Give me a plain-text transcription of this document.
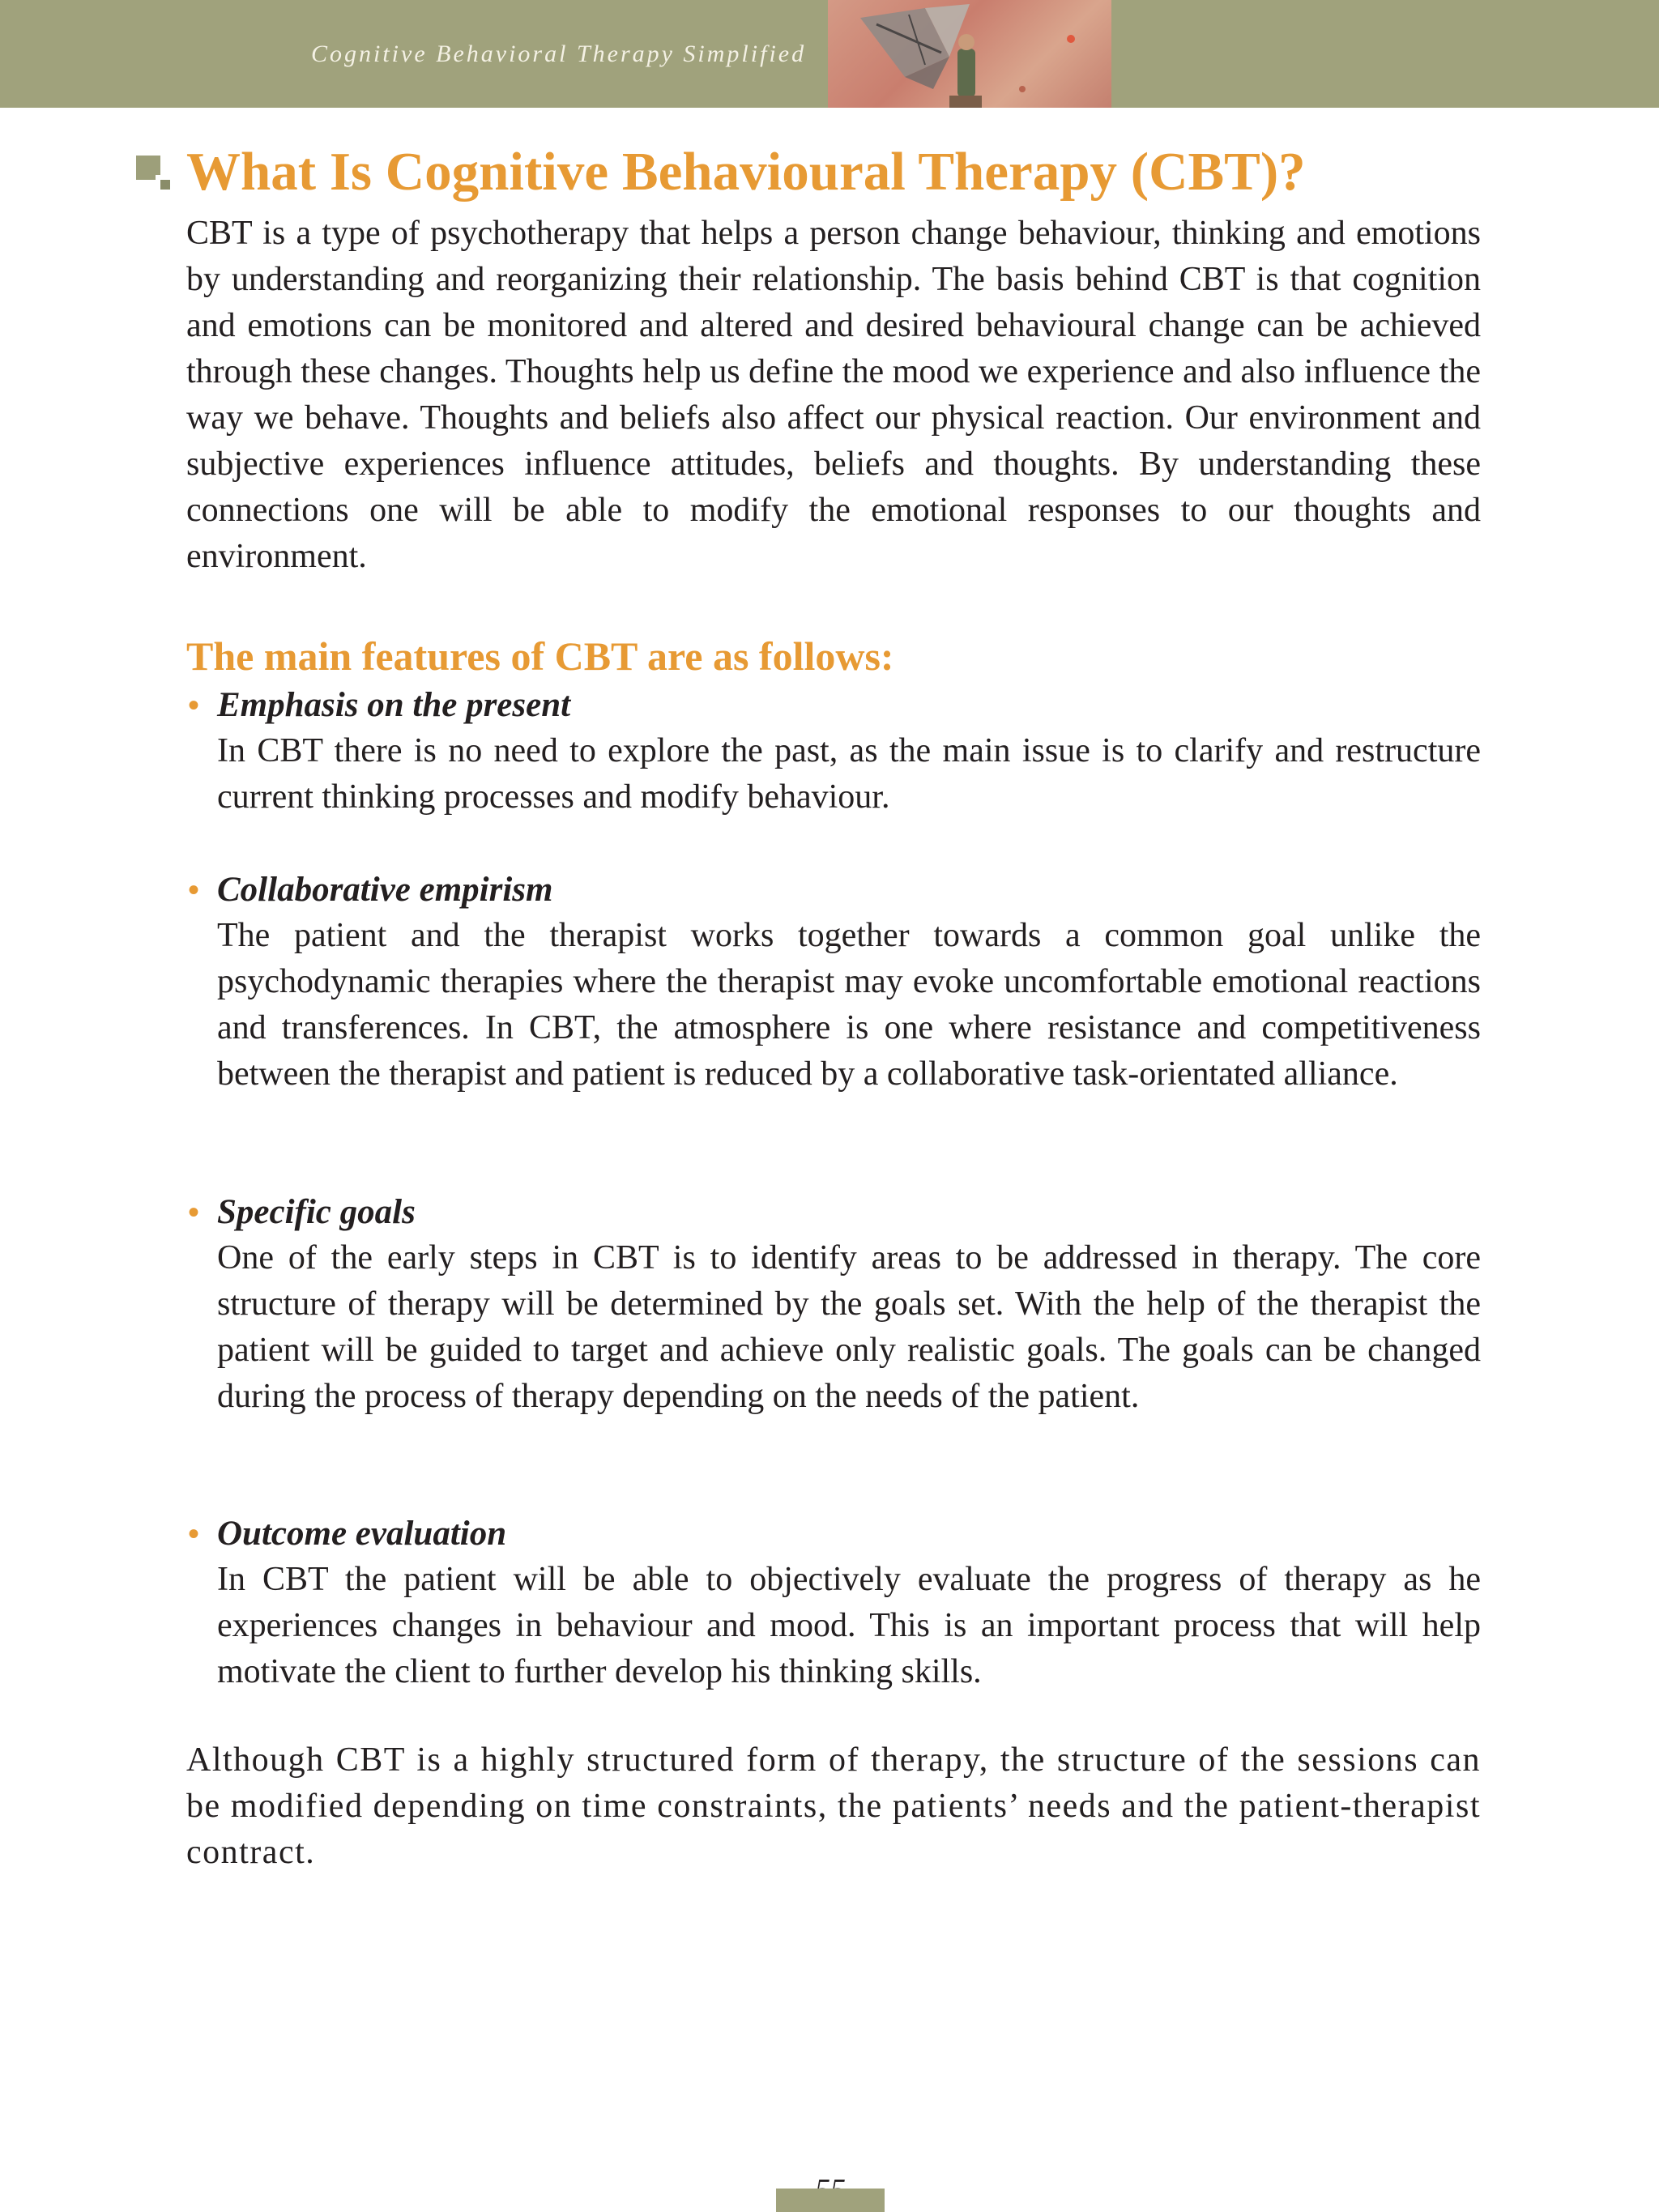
Cognitive Behavioral Therapy Simplified
What Is Cognitive Behavioural Therapy (CBT)?

CBT is a type of psychotherapy that helps a person change behaviour, thinking and emotions by understanding and reorganizing their relationship. The basis behind CBT is that cognition and emotions can be monitored and altered and desired behavioural change can be achieved through these changes. Thoughts help us define the mood we experience and also influence the way we behave. Thoughts and beliefs also affect our physical reaction. Our environment and subjective experiences influence attitudes, beliefs and thoughts. By understanding these connections one will be able to modify the emotional responses to our thoughts and environment.

The main features of CBT are as follows:
• Emphasis on the present

In CBT there is no need to explore the past, as the main issue is to clarify and restructure current thinking processes and modify behaviour.

• Collaborative empirism

The patient and the therapist works together towards a common goal unlike the psychodynamic therapies where the therapist may evoke uncomfortable emotional reactions and transferences. In CBT, the atmosphere is one where resistance and competitiveness between the therapist and patient is reduced by a collaborative task-orientated alliance.

• Specific goals

One of the early steps in CBT is to identify areas to be addressed in therapy. The core structure of therapy will be determined by the goals set. With the help of the therapist the patient will be guided to target and achieve only realistic goals. The goals can be changed during the process of therapy depending on the needs of the patient.

• Outcome evaluation

In CBT the patient will be able to objectively evaluate the progress of therapy as he experiences changes in behaviour and mood. This is an important process that will help motivate the client to further develop his thinking skills.

Although CBT is a highly structured form of therapy, the structure of the sessions can be modified depending on time constraints, the patients’ needs and the patient-therapist contract.
